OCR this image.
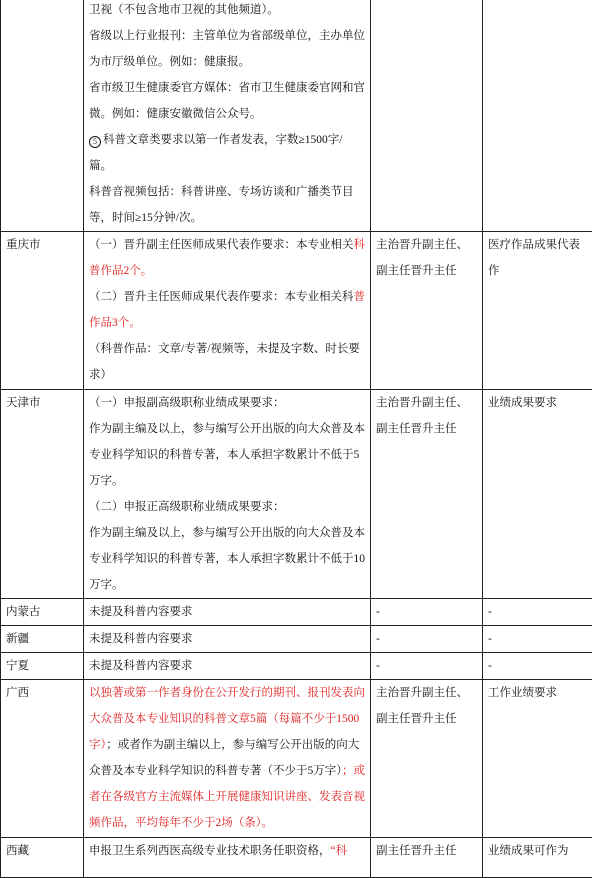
	卫视（不包含地市卫视的其他频道）。
省级以上行业报刊：主管单位为省部级单位，主办单位为市厅级单位。例如：健康报。
省市级卫生健康委官方媒体：省市卫生健康委官网和官微。例如：健康安徽微信公众号。
5 科普文章类要求以第一作者发表，字数≥1500字/篇。
科普音视频包括：科普讲座、专场访谈和广播类节目等，时间≥15分钟/次。		

重庆市	（一）晋升副主任医师成果代表作要求：本专业相关科普作品2个。
（二）晋升主任医师成果代表作要求：本专业相关科普作品3个。
（科普作品：文章/专著/视频等，未提及字数、时长要求）	主治晋升副主任、副主任晋升主任	医疗作品成果代表作
天津市	（一）申报副高级职称业绩成果要求：
作为副主编及以上，参与编写公开出版的向大众普及本专业科学知识的科普专著，本人承担字数累计不低于5万字。
（二）申报正高级职称业绩成果要求：
作为副主编及以上，参与编写公开出版的向大众普及本专业科学知识的科普专著，本人承担字数累计不低于10万字。	主治晋升副主任、副主任晋升主任	业绩成果要求
内蒙古	未提及科普内容要求	-	-
新疆	未提及科普内容要求	-	-
宁夏	未提及科普内容要求	-	-
广西	以独著或第一作者身份在公开发行的期刊、报刊发表向大众普及本专业知识的科普文章5篇（每篇不少于1500字）；或者作为副主编以上，参与编写公开出版的向大众普及本专业科学知识的科普专著（不少于5万字）；或者在各级官方主流媒体上开展健康知识讲座、发表音视频作品，平均每年不少于2场（条）。	主治晋升副主任、副主任晋升主任	工作业绩要求
西藏	申报卫生系列西医高级专业技术职务任职资格，“科	副主任晋升主任	业绩成果可作为
